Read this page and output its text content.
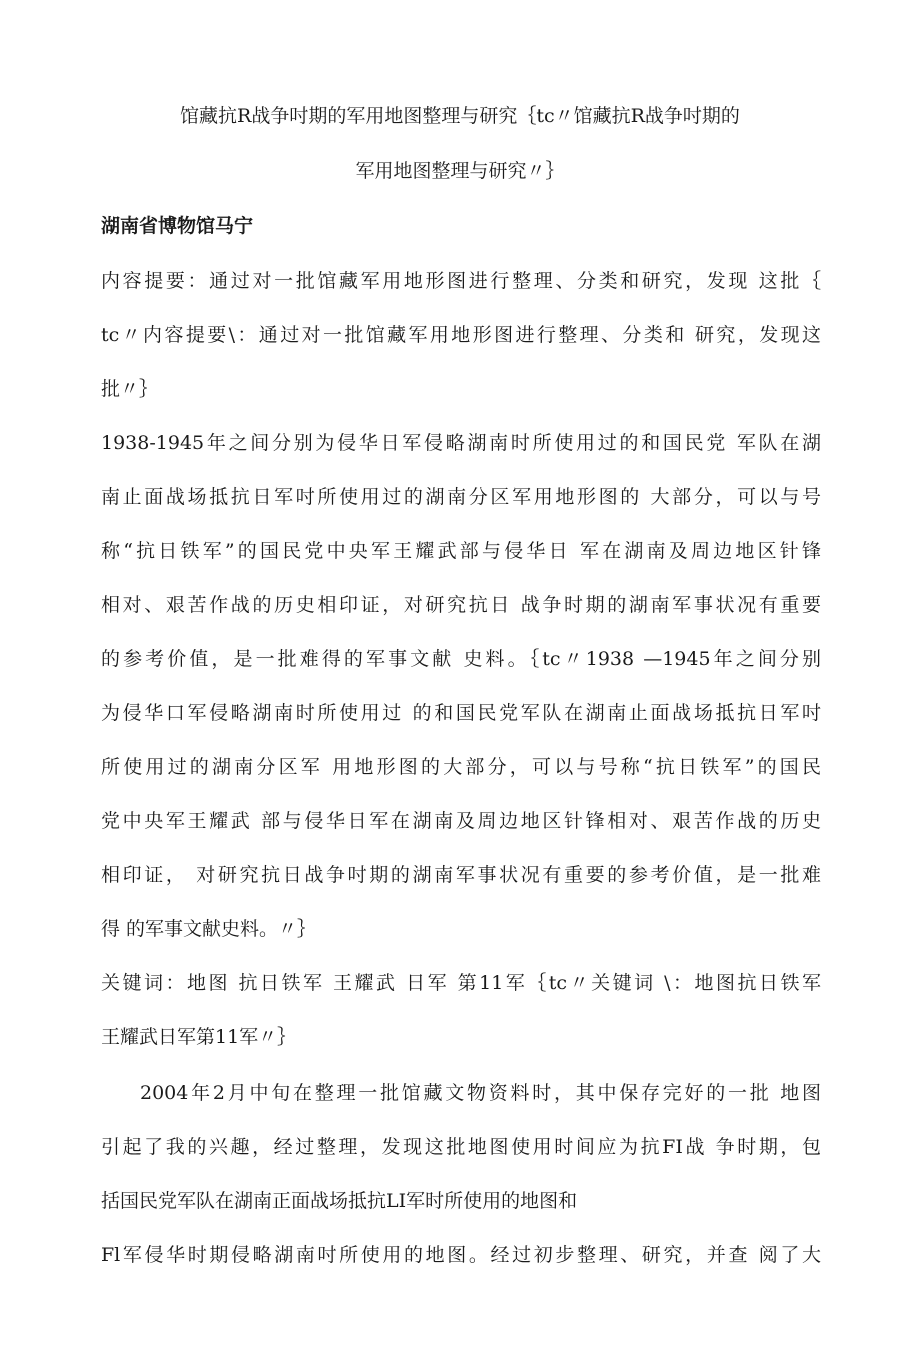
馆藏抗R战争吋期的军用地图整理与研究｛tc〃馆藏抗R战争吋期的
军用地图整理与研究〃｝
湖南省博物馆马宁
内容提要：通过对一批馆藏军用地形图进行整理、分类和研究，发现 这批｛
tc〃内容提要\：通过对一批馆藏军用地形图进行整理、分类和 研究，发现这
批〃｝
1938-1945年之间分别为侵华日军侵略湖南时所使用过的和国民党 军队在湖
南止面战场抵抗日军吋所使用过的湖南分区军用地形图的 大部分，可以与号
称“抗日铁军”的国民党中央军王耀武部与侵华日 军在湖南及周边地区针锋
相对、艰苦作战的历史相印证，对研究抗日 战争时期的湖南军事状况有重要
的参考价值，是一批难得的军事文献 史料。｛tc〃1938 —1945年之间分别
为侵华口军侵略湖南时所使用过 的和国民党军队在湖南止面战场抵抗日军吋
所使用过的湖南分区军 用地形图的大部分，可以与号称“抗日铁军”的国民
党中央军王耀武 部与侵华日军在湖南及周边地区针锋相对、艰苦作战的历史
相印证， 对研究抗日战争吋期的湖南军事状况有重要的参考价值，是一批难
得 的军事文献史料。〃｝
关键词：地图 抗日铁军 王耀武 日军 第11军｛tc〃关键词 \：地图抗日铁军
王耀武日军第11军〃｝
2004年2月中旬在整理一批馆藏文物资料时，其中保存完好的一批 地图
引起了我的兴趣，经过整理，发现这批地图使用时间应为抗FI战 争时期，包
括国民党军队在湖南正面战场抵抗LI军时所使用的地图和
Fl军侵华时期侵略湖南吋所使用的地图。经过初步整理、研究，并查 阅了大
